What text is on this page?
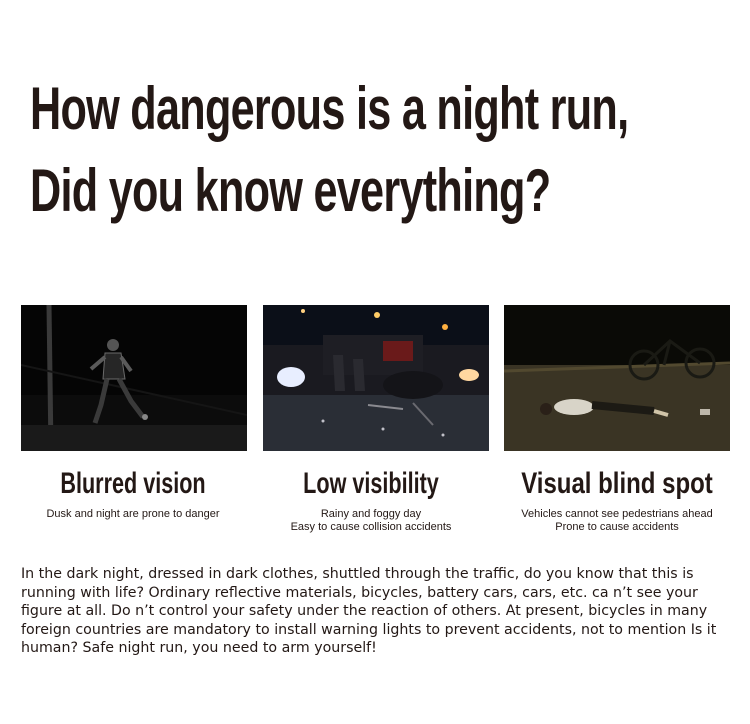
How dangerous is a night run,
Did you know everything?
Blurred vision
Dusk and night are prone to danger
Low visibility
Rainy and foggy day
Easy to cause collision accidents
Visual blind spot
Vehicles cannot see pedestrians ahead
Prone to cause accidents

In the dark night, dressed in dark clothes, shuttled through the traffic, do you know that this is running with life? Ordinary reflective materials, bicycles, battery cars, cars, etc. ca n’t see your figure at all. Do n’t control your safety under the reaction of others. At present, bicycles in many foreign countries are mandatory to install warning lights to prevent accidents, not to mention Is it human? Safe night run, you need to arm yourself!
